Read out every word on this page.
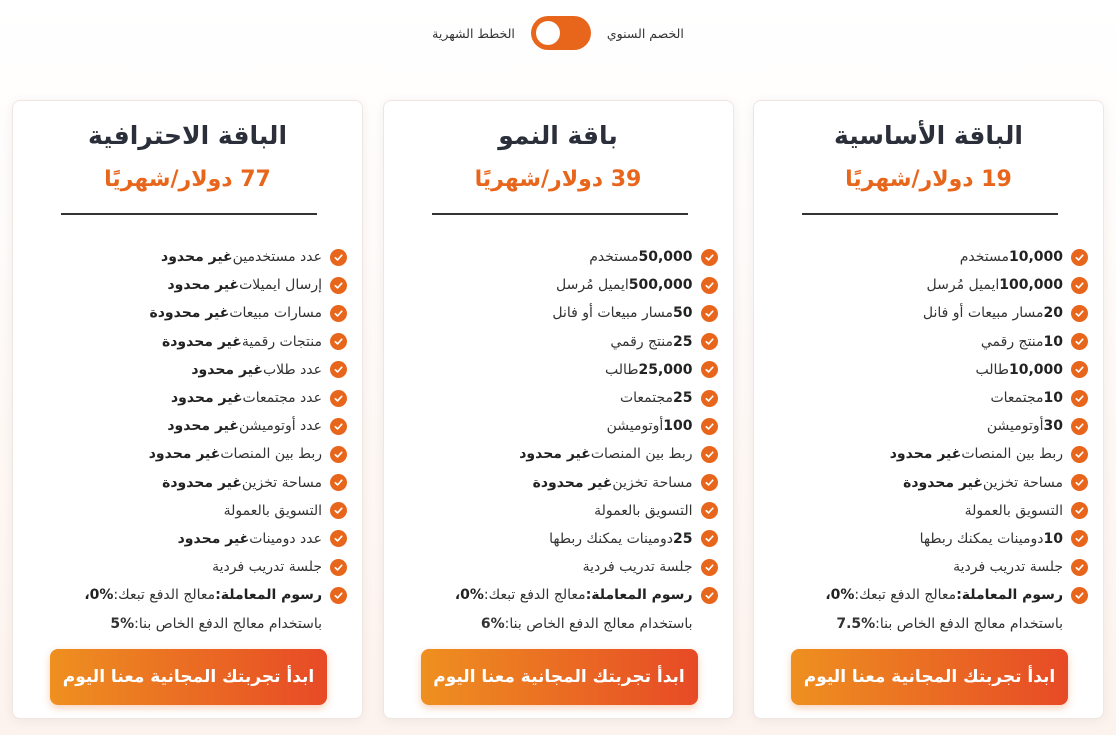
الخطط الشهرية	الخصم السنوي
الباقة الاحترافية
77 دولار/شهريًا
عدد مستخدمين
غير محدود
إرسال ايميلات
غير محدود
مسارات مبيعات
غير محدودة
منتجات رقمية
غير محدودة
عدد طلاب
غير محدود
عدد مجتمعات
غير محدود
عدد أوتوميشن
غير محدود
ربط بين المنصات
غير محدود
مساحة تخزين
غير محدودة
التسويق بالعمولة
عدد دومينات
غير محدود
جلسة تدريب فردية
رسوم المعاملة:
معالج الدفع تبعك:
0%،
باستخدام معالج الدفع الخاص بنا:
5%
ابدأ تجربتك المجانية معنا اليوم
باقة النمو
39 دولار/شهريًا
50,000
مستخدم
500,000
ايميل مُرسل
50
مسار مبيعات أو فانل
25
منتج رقمي
25,000
طالب
25
مجتمعات
100
أوتوميشن
ربط بين المنصات
غير محدود
مساحة تخزين
غير محدودة
التسويق بالعمولة
25
دومينات يمكنك ربطها
جلسة تدريب فردية
رسوم المعاملة:
معالج الدفع تبعك:
0%،
باستخدام معالج الدفع الخاص بنا:
6%
ابدأ تجربتك المجانية معنا اليوم
الباقة الأساسية
19 دولار/شهريًا
10,000
مستخدم
100,000
ايميل مُرسل
20
مسار مبيعات أو فانل
10
منتج رقمي
10,000
طالب
10
مجتمعات
30
أوتوميشن
ربط بين المنصات
غير محدود
مساحة تخزين
غير محدودة
التسويق بالعمولة
10
دومينات يمكنك ربطها
جلسة تدريب فردية
رسوم المعاملة:
معالج الدفع تبعك:
0%،
باستخدام معالج الدفع الخاص بنا:
7.5%
ابدأ تجربتك المجانية معنا اليوم
